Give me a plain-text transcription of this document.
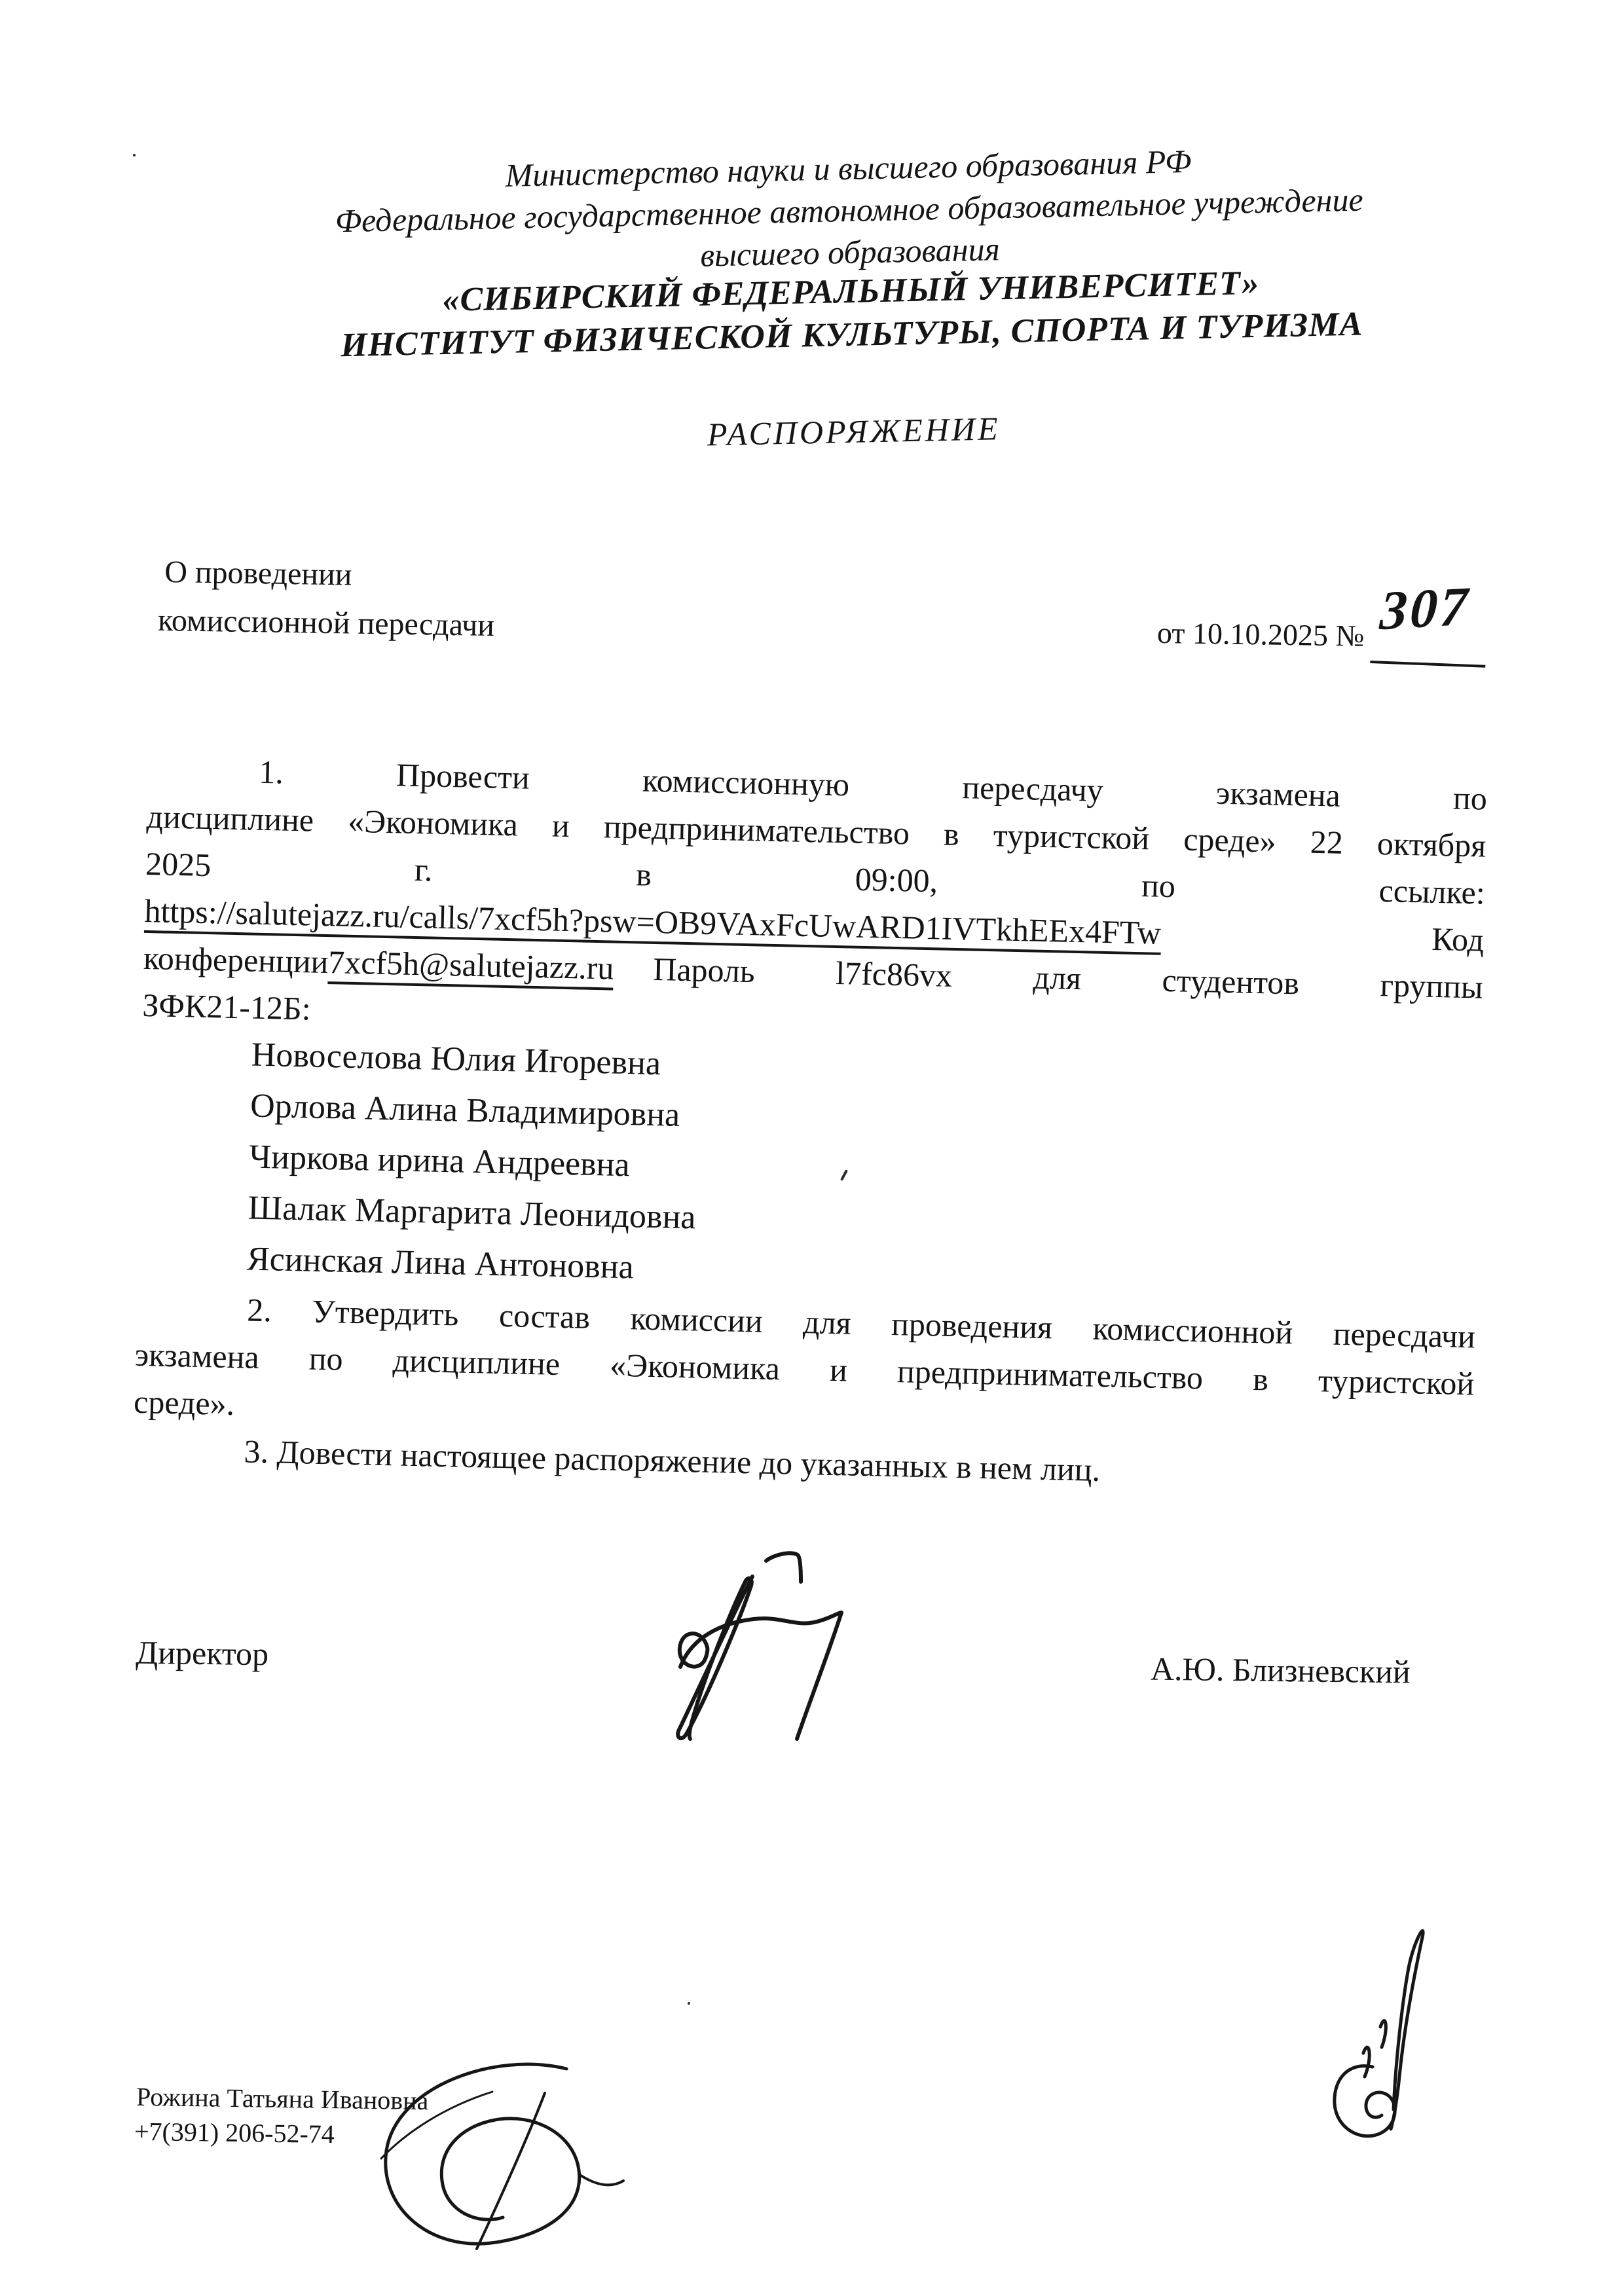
Министерство науки и высшего образования РФ
Федеральное государственное автономное образовательное учреждение
высшего образования
«СИБИРСКИЙ ФЕДЕРАЛЬНЫЙ УНИВЕРСИТЕТ»
ИНСТИТУТ ФИЗИЧЕСКОЙ КУЛЬТУРЫ, СПОРТА И ТУРИЗМА
РАСПОРЯЖЕНИЕ
О проведении
комиссионной пересдачи	от 10.10.2025 № 307
1.	Провести	комиссионную	пересдачу	экзамена	по
дисциплине «Экономика и предпринимательство в туристской среде» 22 октября
2025	г.	в	09:00,	по	ссылке:
https://salutejazz.ru/calls/7xcf5h?psw=OB9VAxFcUwARD1IVTkhEEx4FTw	Код
конференции
7xcf5h@salutejazz.ru Пароль l7fc86vx для студентов группы
ЗФК21-12Б:
Новоселова Юлия Игоревна
Орлова Алина Владимировна
Чиркова ирина Андреевна
Шалак Маргарита Леонидовна
Ясинская Лина Антоновна
2. Утвердить состав комиссии для проведения комиссионной пересдачи
экзамена по дисциплине «Экономика и предпринимательство в туристской
среде».
3. Довести настоящее распоряжение до указанных в нем лиц.
Директор	А.Ю. Близневский
Рожина Татьяна Ивановна
+7(391) 206-52-74
